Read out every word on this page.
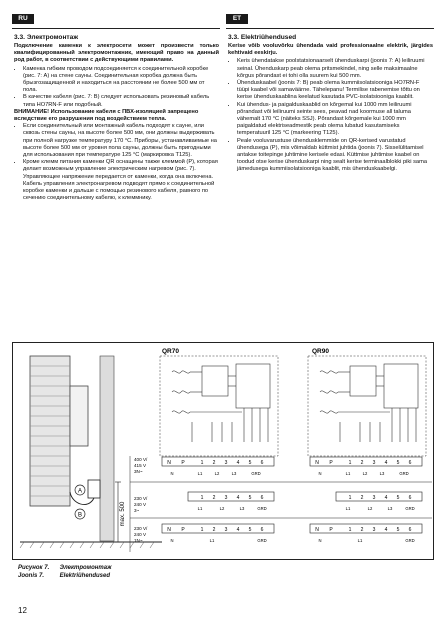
RU	ET
3.3. Электромонтаж

Подключение каменки к электросети может произвести только квалифицированный электромонтажник, имеющий право на данный род работ, в соответствии с действующими правилами.

• Каменка гибким проводом подсоединяется к соединительной коробке (рис. 7: A) на стене сауны. Соединительная коробка должна быть брызгозащищенной и находиться на расстоянии не более 500 мм от пола.
• В качестве кабеля (рис. 7: B) следует использовать резиновый кабель типа HO7RN-F или подобный.
ВНИМАНИЕ! Использование кабеля с ПВХ-изоляцией запрещено вследствие его разрушения под воздействием тепла.
• Если соединительный или монтажный кабель подходят к сауне, или сквозь стены сауны, на высоте более 500 мм, они должны выдерживать при полной нагрузке температуру 170 °C. Приборы, устанавливаемые на высоте более 500 мм от уровня пола сауны, должны быть пригодными для использования при температуре 125 °C (маркировка T125).
• Кроме клемм питания каменки QR оснащены также клеммой (P), которая делает возможным управление электрическим нагревом (рис. 7). Управляющее напряжение передается от каменки, когда она включена. Кабель управления электронагревом подводят прямо к соединительной коробке каменки и дальше с помощью резинового кабеля, равного по сечению соединительному кабелю, к клеммнику.
3.3. Elektriühendused

Kerise võib vooluvõrku ühendada vaid professionaalne elektrik, järgides kehtivaid eeskirju.

• Keris ühendatakse poolstatsionaarselt ühenduskarpi (joonis 7: A) leiliruumi seinal. Ühenduskarp peab olema pritsmekindel, ning selle maksimaalne kõrgus põrandast ei tohi olla suurem kui 500 mm.
• Ühenduskaabel (joonis 7: B) peab olema kummiisolatsiooniga HO7RN-F tüüpi kaabel või samaväärne. Tähelepanu! Termilise rabenemise tõttu on kerise ühenduskaablina keelatud kasutada PVC-isolatsiooniga kaablit.
• Kui ühendus- ja paigalduskaablid on kõrgemal kui 1000 mm leiliruumi põrandast või leiliruumi seinte sees, peavad nad koormuse all taluma vähemalt 170 °C (näiteks SSJ). Põrandast kõrgemale kui 1000 mm paigaldatud elektriseadmestik peab olema lubatud kasutamiseks temperatuuril 125 °C (markeering T125).
• Peale vooluvarustuse ühendusklemmide on QR-kerised varustatud ühendusega (P), mis võimaldab küttmist juhtida (joonis 7). Sisselülitamisel antakse toitepinge juhtimine kerisele edasi. Küttmise juhtimise kaabel on toodud otse kerise ühenduskarpi ning sealt kerise terminaalblokki piki sama jämedusega kummiisolatsiooniga kaablit, mis ühenduskaabelgi.
A
B	max. 500
QR70	QR90
400 V/
415 V
3N~
230 V/
240 V
3~
230 V/
240 V
1N~
N P	1 2 3 4 5 6	N P	1 2 3 4 5 6
N	L1	L2	L3	GRD	N	L1	L2	L3	GRD
1 2 3 4 5 6	1 2 3 4 5 6
L1	L2	L3	GRD	L1	L2	L3	GRD
N P	1 2 3 4 5 6	N P	1 2 3 4 5 6
N	L1	GRD	N	L1	GRD
Рисунок 7. Электромонтаж
Joonis 7.	Elektriühendused
12
